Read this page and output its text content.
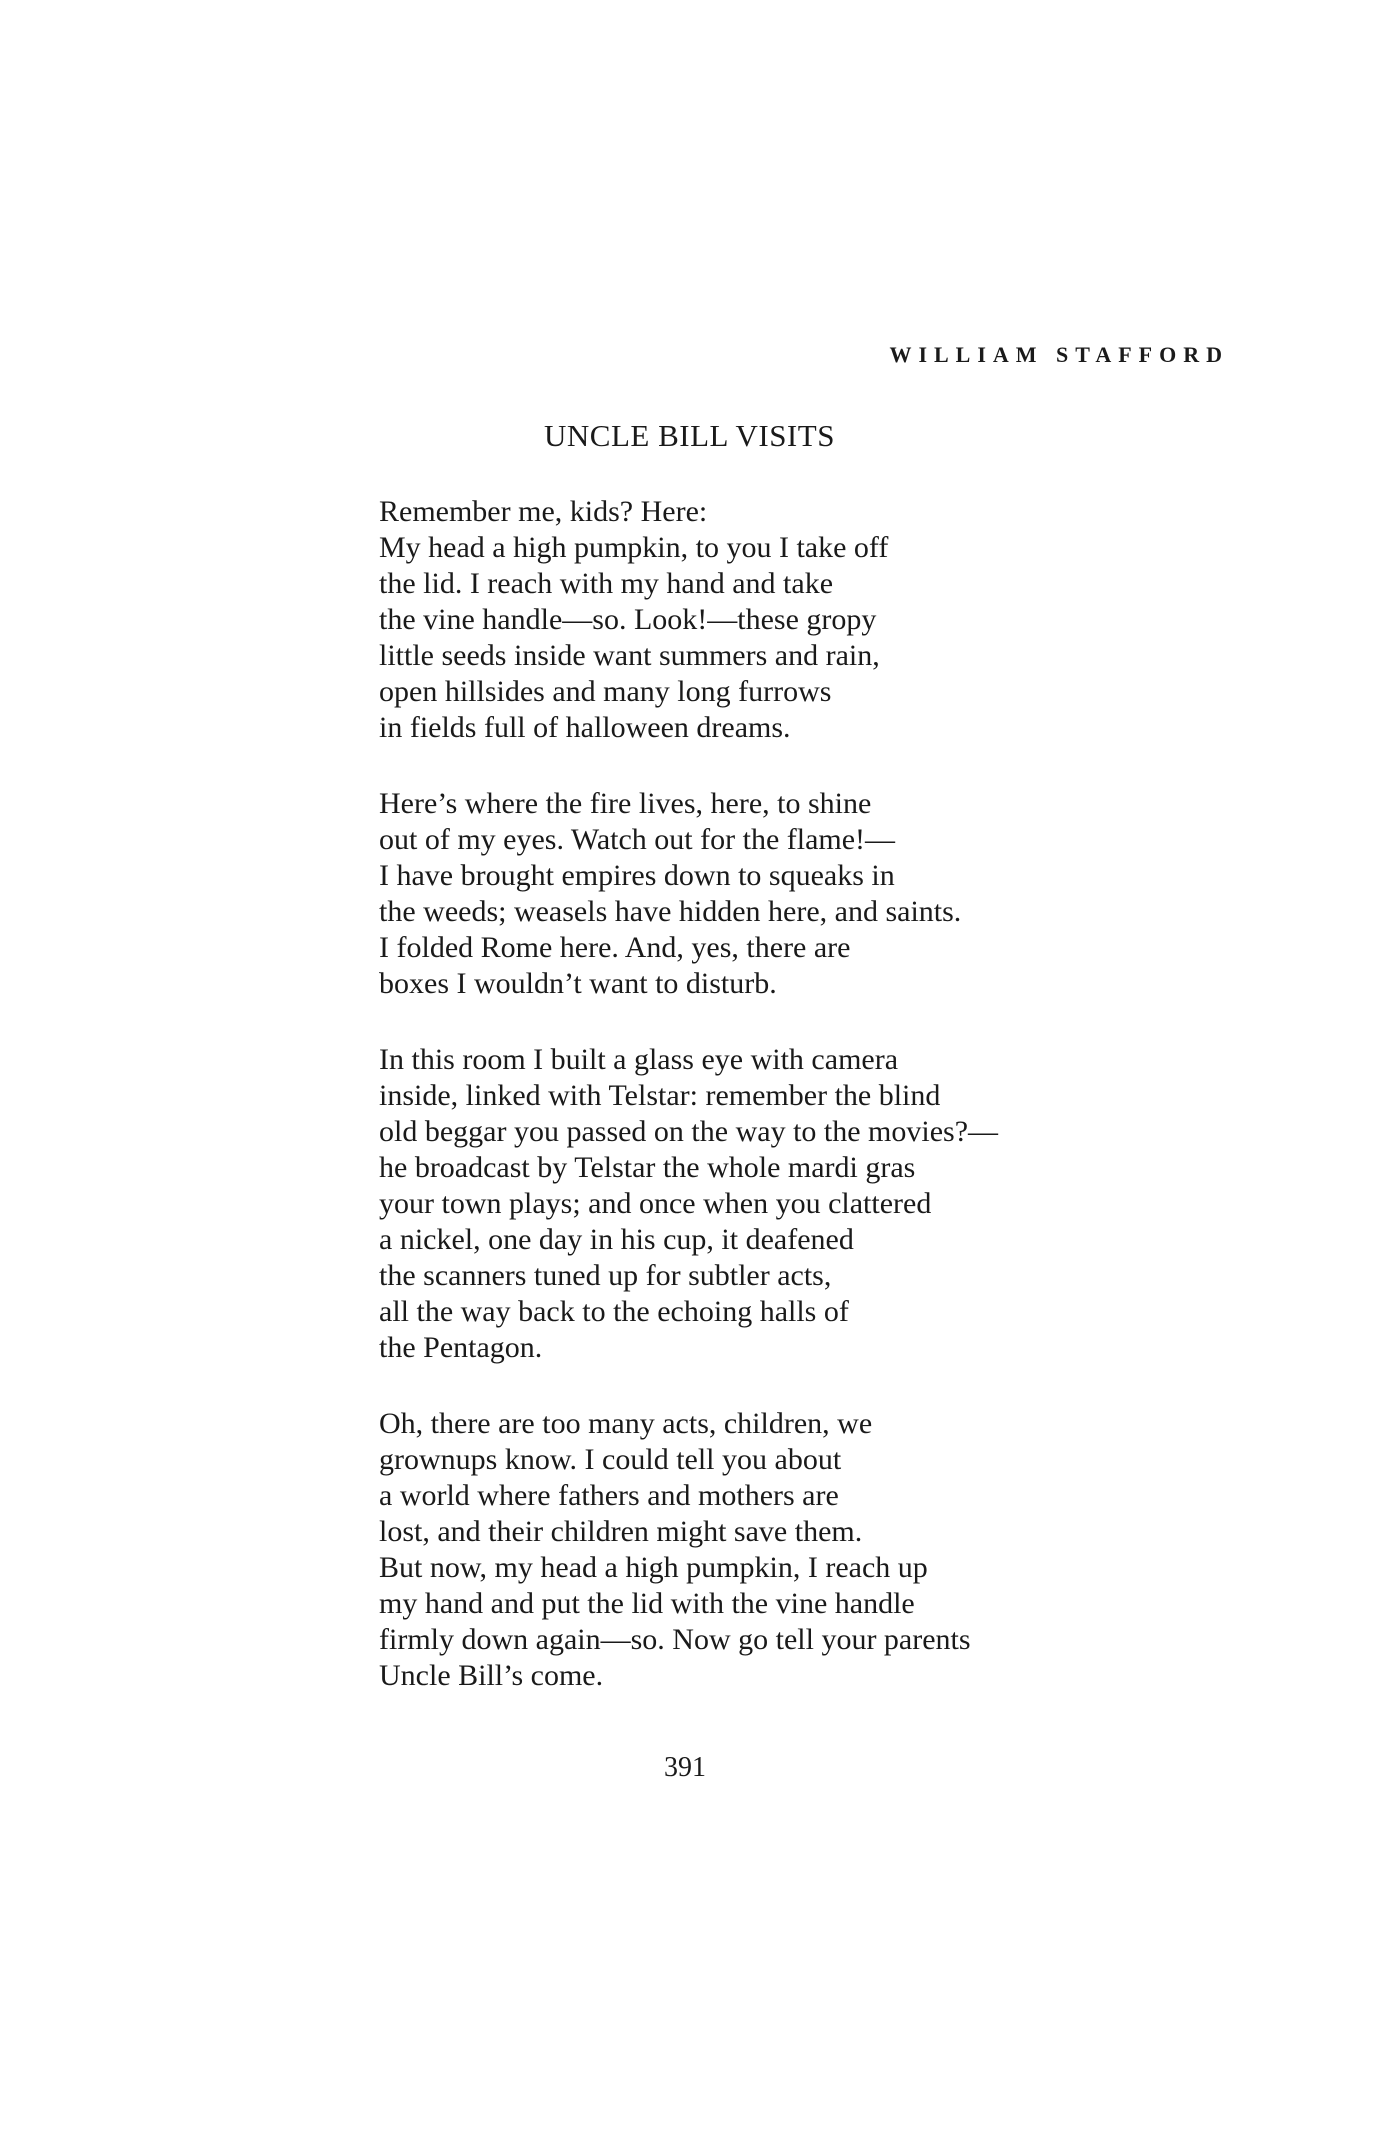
WILLIAM STAFFORD
UNCLE BILL VISITS
Remember me, kids? Here:
My head a high pumpkin, to you I take off
the lid. I reach with my hand and take
the vine handle—so. Look!—these gropy
little seeds inside want summers and rain,
open hillsides and many long furrows
in fields full of halloween dreams.
Here’s where the fire lives, here, to shine
out of my eyes. Watch out for the flame!—
I have brought empires down to squeaks in
the weeds; weasels have hidden here, and saints.
I folded Rome here. And, yes, there are
boxes I wouldn’t want to disturb.
In this room I built a glass eye with camera
inside, linked with Telstar: remember the blind
old beggar you passed on the way to the movies?—
he broadcast by Telstar the whole mardi gras
your town plays; and once when you clattered
a nickel, one day in his cup, it deafened
the scanners tuned up for subtler acts,
all the way back to the echoing halls of
the Pentagon.
Oh, there are too many acts, children, we
grownups know. I could tell you about
a world where fathers and mothers are
lost, and their children might save them.
But now, my head a high pumpkin, I reach up
my hand and put the lid with the vine handle
firmly down again—so. Now go tell your parents
Uncle Bill’s come.
391
